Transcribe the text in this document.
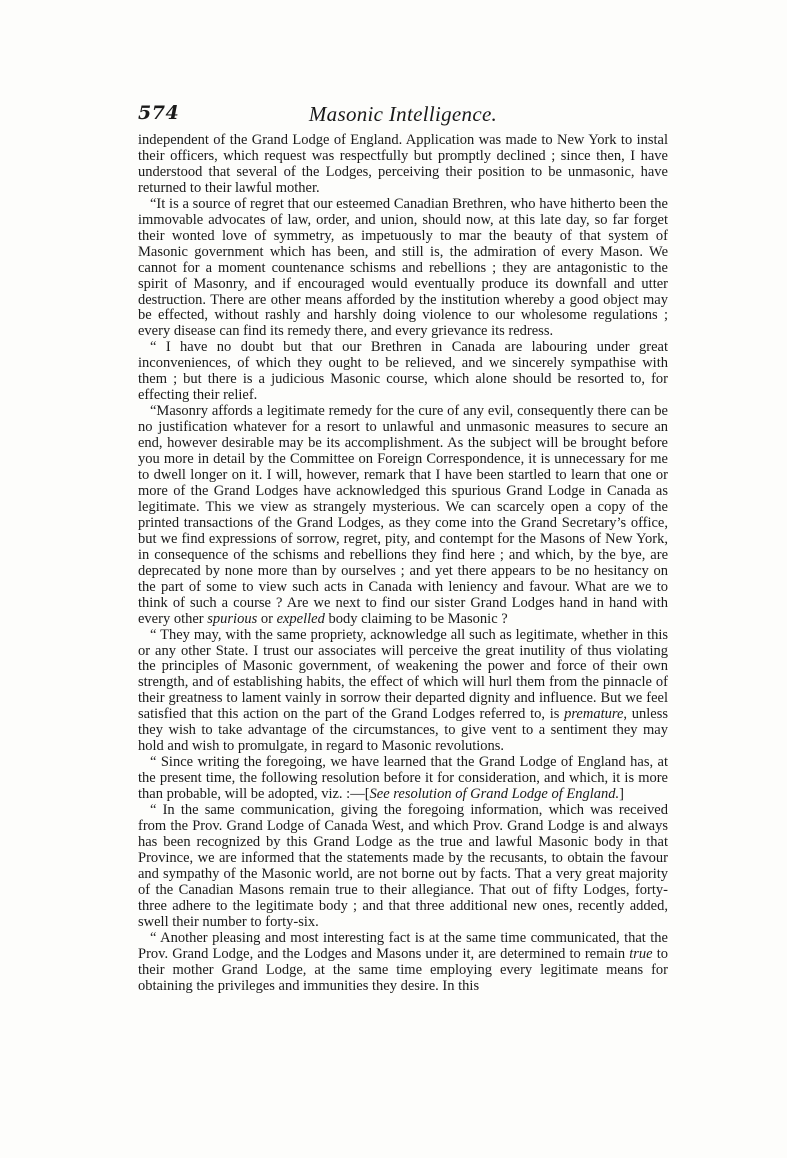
574	Masonic Intelligence.

independent of the Grand Lodge of England. Application was made to New York to instal their officers, which request was respectfully but promptly declined ; since then, I have understood that several of the Lodges, perceiving their position to be unmasonic, have returned to their lawful mother.

“It is a source of regret that our esteemed Canadian Brethren, who have hitherto been the immovable advocates of law, order, and union, should now, at this late day, so far forget their wonted love of symmetry, as impetuously to mar the beauty of that system of Masonic government which has been, and still is, the admiration of every Mason. We cannot for a moment countenance schisms and rebellions ; they are antagonistic to the spirit of Masonry, and if encouraged would eventually produce its downfall and utter destruction. There are other means afforded by the institution whereby a good object may be effected, without rashly and harshly doing violence to our wholesome regulations ; every disease can find its remedy there, and every grievance its redress.

“ I have no doubt but that our Brethren in Canada are labouring under great inconveniences, of which they ought to be relieved, and we sincerely sympathise with them ; but there is a judicious Masonic course, which alone should be resorted to, for effecting their relief.

“Masonry affords a legitimate remedy for the cure of any evil, consequently there can be no justification whatever for a resort to unlawful and unmasonic measures to secure an end, however desirable may be its accomplishment. As the subject will be brought before you more in detail by the Committee on Foreign Correspondence, it is unnecessary for me to dwell longer on it. I will, however, remark that I have been startled to learn that one or more of the Grand Lodges have acknowledged this spurious Grand Lodge in Canada as legitimate. This we view as strangely mysterious. We can scarcely open a copy of the printed transactions of the Grand Lodges, as they come into the Grand Secretary’s office, but we find expressions of sorrow, regret, pity, and contempt for the Masons of New York, in consequence of the schisms and rebellions they find here ; and which, by the bye, are deprecated by none more than by ourselves ; and yet there appears to be no hesitancy on the part of some to view such acts in Canada with leniency and favour. What are we to think of such a course ? Are we next to find our sister Grand Lodges hand in hand with every other spurious or expelled body claiming to be Masonic ?

“ They may, with the same propriety, acknowledge all such as legitimate, whether in this or any other State. I trust our associates will perceive the great inutility of thus violating the principles of Masonic government, of weakening the power and force of their own strength, and of establishing habits, the effect of which will hurl them from the pinnacle of their greatness to lament vainly in sorrow their departed dignity and influence. But we feel satisfied that this action on the part of the Grand Lodges referred to, is premature, unless they wish to take advantage of the circumstances, to give vent to a sentiment they may hold and wish to promulgate, in regard to Masonic revolutions.

“ Since writing the foregoing, we have learned that the Grand Lodge of England has, at the present time, the following resolution before it for consideration, and which, it is more than probable, will be adopted, viz. :—[See resolution of Grand Lodge of England.]

“ In the same communication, giving the foregoing information, which was received from the Prov. Grand Lodge of Canada West, and which Prov. Grand Lodge is and always has been recognized by this Grand Lodge as the true and lawful Masonic body in that Province, we are informed that the statements made by the recusants, to obtain the favour and sympathy of the Masonic world, are not borne out by facts. That a very great majority of the Canadian Masons remain true to their allegiance. That out of fifty Lodges, forty-three adhere to the legitimate body ; and that three additional new ones, recently added, swell their number to forty-six.

“ Another pleasing and most interesting fact is at the same time communicated, that the Prov. Grand Lodge, and the Lodges and Masons under it, are determined to remain true to their mother Grand Lodge, at the same time employing every legitimate means for obtaining the privileges and immunities they desire. In this
